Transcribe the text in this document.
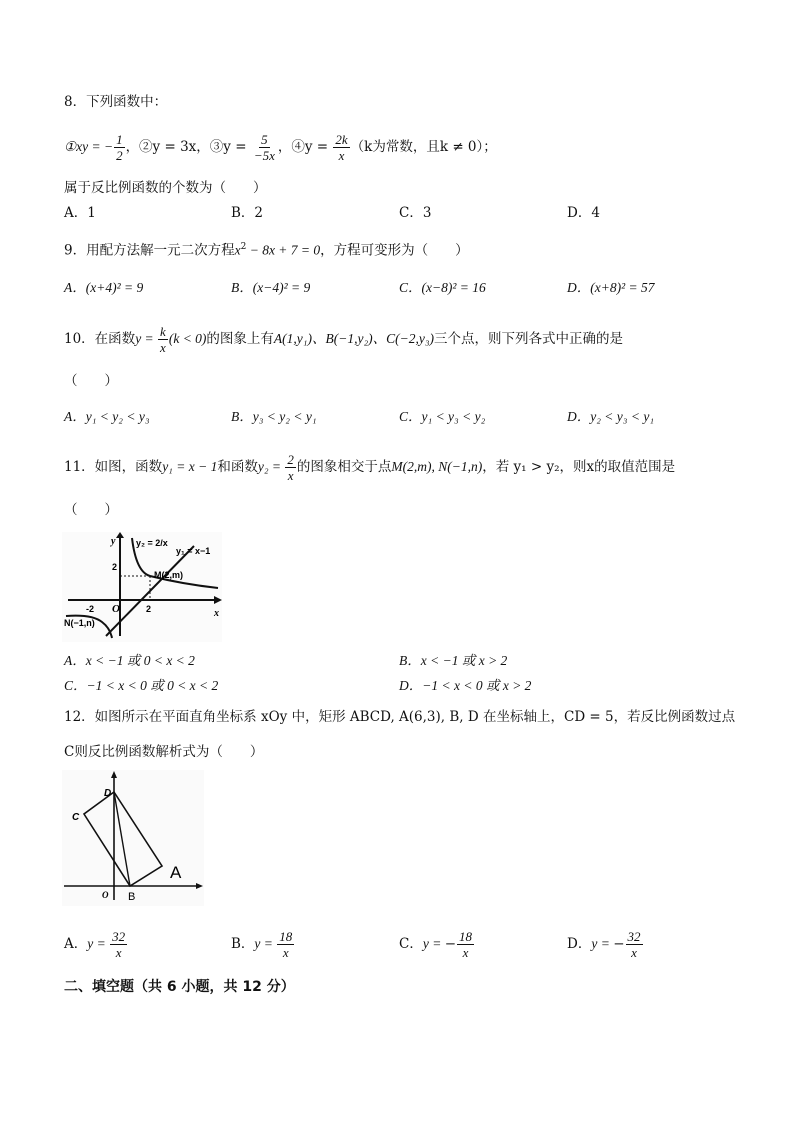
8．下列函数中：
①xy = − $\frac{1}{2}$ ，②y = 3x，③y = $\frac{5}{-5x}$ ，④y = $\frac{2k}{x} (k$为常数，且k ≠ 0）；
属于反比例函数的个数为（　　）
A．1	B．2	C．3	D．4
9．用配方法解一元二次方程$x^2 - 8x + 7 = 0$，方程可变形为（　　）
A．(x+4)² = 9	B．(x−4)² = 9	C．(x−8)² = 16	D．(x+8)² = 57
10．在函数$y = \frac{k}{x} (k < 0)$的图象上有A(1,y₁)、B(−1,y₂)、C(−2,y₃)三个点，则下列各式中正确的是
（　　）
A．y₁ < y₂ < y₃	B．y₃ < y₂ < y₁	C．y₁ < y₃ < y₂	D．y₂ < y₃ < y₁
11．如图，函数y₁ = x − 1和函数$y_2 = \frac{2}{x}$ 的图象相交于点M(2,m), N(−1,n)，若 y₁ > y₂，则x的取值范围是
（　　）
y
x
O
y₂ = 2/x
y₁ = x−1
M(2,m)
N(−1,n)
2
-2	2
A．x < −1 或 0 < x < 2	B．x < −1 或 x > 2
C．−1 < x < 0 或 0 < x < 2	D．−1 < x < 0 或 x > 2
12．如图所示在平面直角坐标系 xOy 中，矩形 ABCD, A(6,3), B, D 在坐标轴上，CD = 5，若反比例函数过点
C则反比例函数解析式为（　　）
D
C
A
B
O
A．$y = \frac{32}{x}$	B．$y = \frac{18}{x}$	C．y = − $\frac{18}{x}$	D．y = − $\frac{32}{x}$
二、填空题（共 6 小题，共 12 分）
